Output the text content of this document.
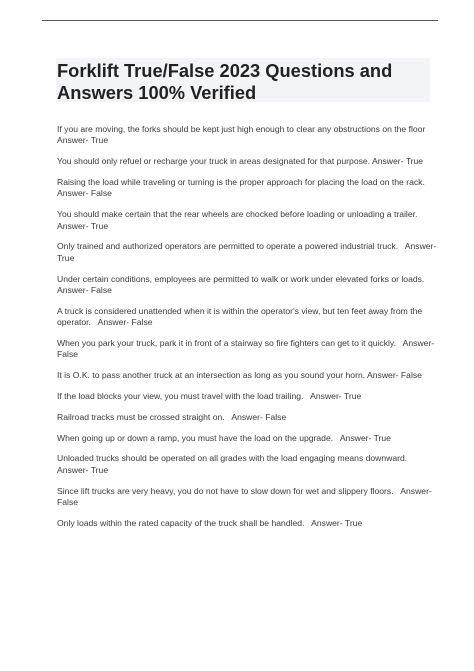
Forklift True/False 2023 Questions and Answers 100% Verified
If you are moving, the forks should be kept just high enough to clear any obstructions on the floor   Answer- True
You should only refuel or recharge your truck in areas designated for that purpose. Answer- True
Raising the load while traveling or turning is the proper approach for placing the load on the rack.   Answer- False
You should make certain that the rear wheels are chocked before loading or unloading a trailer.   Answer- True
Only trained and authorized operators are permitted to operate a powered industrial truck.   Answer- True
Under certain conditions, employees are permitted to walk or work under elevated forks or loads.   Answer- False
A truck is considered unattended when it is within the operator's view, but ten feet away from the operator.   Answer- False
When you park your truck, park it in front of a stairway so fire fighters can get to it quickly.   Answer- False
It is O.K. to pass another truck at an intersection as long as you sound your horn. Answer- False
If the load blocks your view, you must travel with the load trailing.   Answer- True
Railroad tracks must be crossed straight on.   Answer- False
When going up or down a ramp, you must have the load on the upgrade.   Answer- True
Unloaded trucks should be operated on all grades with the load engaging means downward.   Answer- True
Since lift trucks are very heavy, you do not have to slow down for wet and slippery floors.   Answer- False
Only loads within the rated capacity of the truck shall be handled.   Answer- True
